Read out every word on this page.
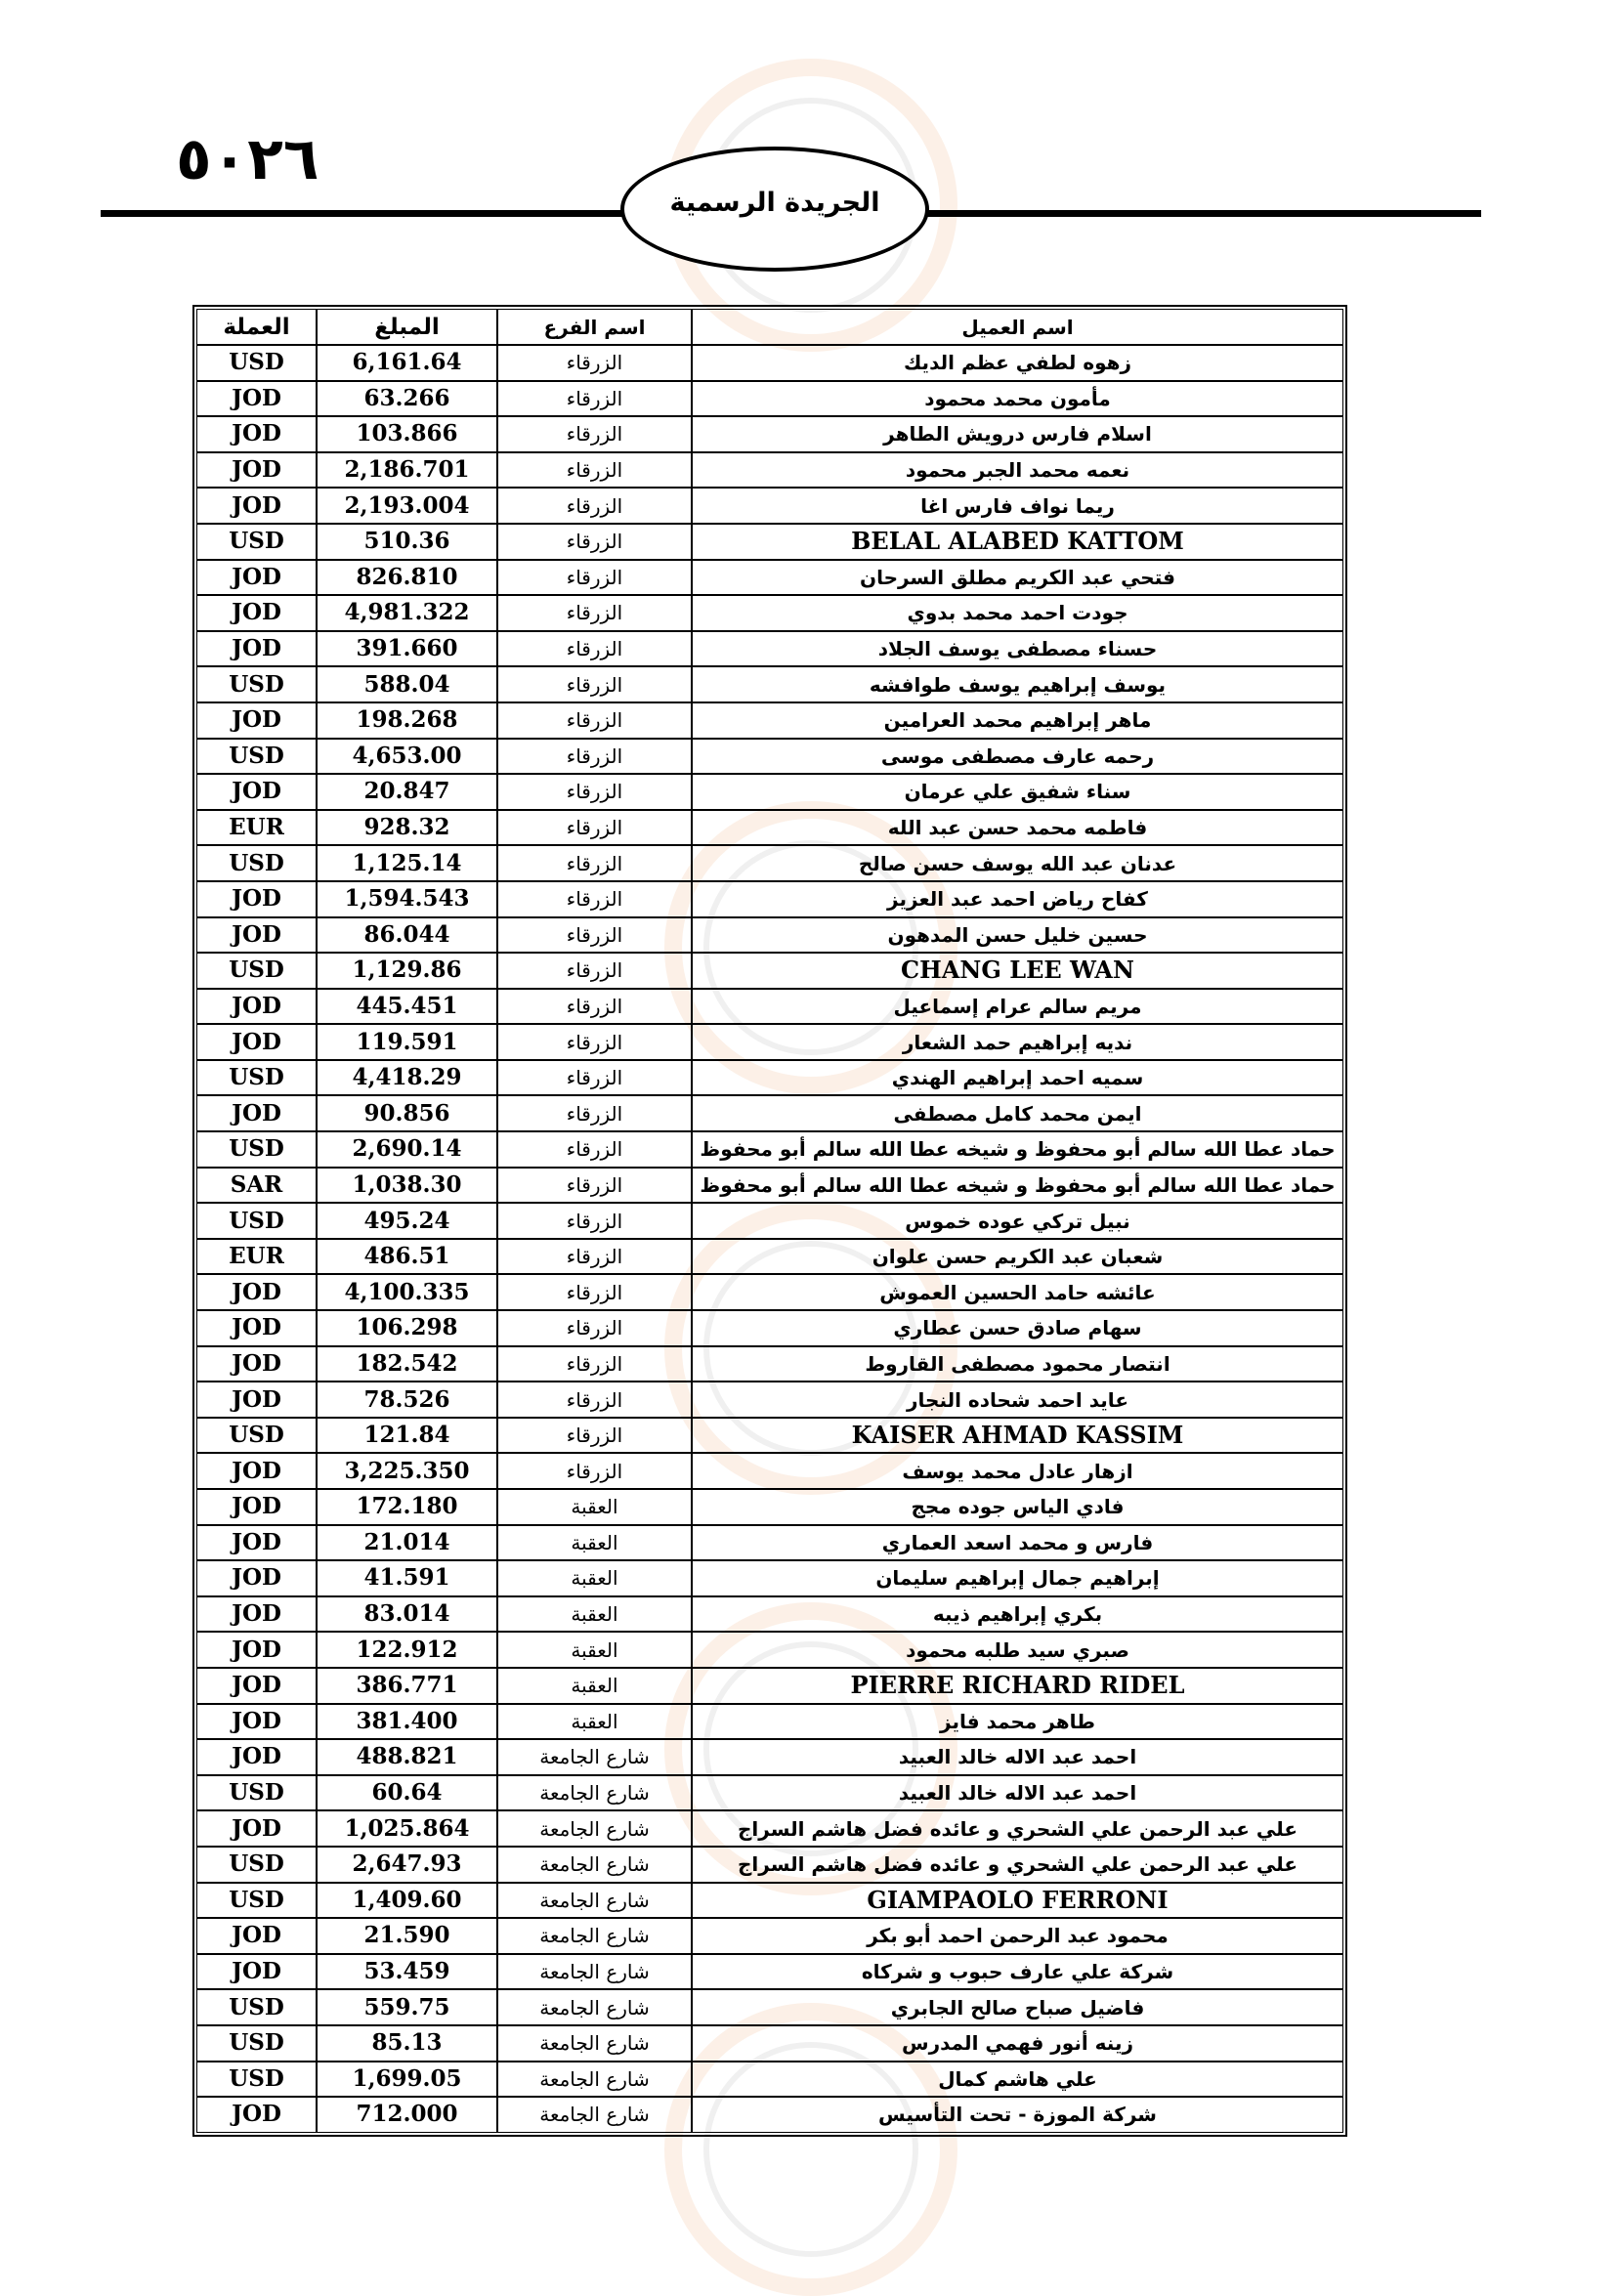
٥٠٢٦
الجريدة الرسمية
العملة	المبلغ	اسم الفرع	اسم العميل
USD	6,161.64	الزرقاء	زهوه لطفي عظم الديك
JOD	63.266	الزرقاء	مأمون محمد محمود
JOD	103.866	الزرقاء	اسلام فارس درويش الطاهر
JOD	2,186.701	الزرقاء	نعمه محمد الجبر محمود
JOD	2,193.004	الزرقاء	ريما نواف فارس اغا
USD	510.36	الزرقاء	BELAL ALABED KATTOM
JOD	826.810	الزرقاء	فتحي عبد الكريم مطلق السرحان
JOD	4,981.322	الزرقاء	جودت احمد محمد بدوي
JOD	391.660	الزرقاء	حسناء مصطفى يوسف الجلاد
USD	588.04	الزرقاء	يوسف إبراهيم يوسف طوافشه
JOD	198.268	الزرقاء	ماهر إبراهيم محمد العرامين
USD	4,653.00	الزرقاء	رحمه عارف مصطفى موسى
JOD	20.847	الزرقاء	سناء شفيق علي عرمان
EUR	928.32	الزرقاء	فاطمه محمد حسن عبد الله
USD	1,125.14	الزرقاء	عدنان عبد الله يوسف حسن صالح
JOD	1,594.543	الزرقاء	كفاح رياض احمد عبد العزيز
JOD	86.044	الزرقاء	حسين خليل حسن المدهون
USD	1,129.86	الزرقاء	CHANG LEE WAN
JOD	445.451	الزرقاء	مريم سالم عرام إسماعيل
JOD	119.591	الزرقاء	نديه إبراهيم حمد الشعار
USD	4,418.29	الزرقاء	سميه احمد إبراهيم الهندي
JOD	90.856	الزرقاء	ايمن محمد كامل مصطفى
USD	2,690.14	الزرقاء	حماد عطا الله سالم أبو محفوظ و شيخه عطا الله سالم أبو محفوظ
SAR	1,038.30	الزرقاء	حماد عطا الله سالم أبو محفوظ و شيخه عطا الله سالم أبو محفوظ
USD	495.24	الزرقاء	نبيل تركي عوده خموس
EUR	486.51	الزرقاء	شعبان عبد الكريم حسن علوان
JOD	4,100.335	الزرقاء	عائشه حامد الحسين العموش
JOD	106.298	الزرقاء	سهام صادق حسن عطاري
JOD	182.542	الزرقاء	انتصار محمود مصطفى القاروط
JOD	78.526	الزرقاء	عايد احمد شحاده النجار
USD	121.84	الزرقاء	KAISER AHMAD KASSIM
JOD	3,225.350	الزرقاء	ازهار عادل محمد يوسف
JOD	172.180	العقبة	فادي الياس جوده مجج
JOD	21.014	العقبة	فارس و محمد اسعد العماري
JOD	41.591	العقبة	إبراهيم جمال إبراهيم سليمان
JOD	83.014	العقبة	بكري إبراهيم ذيبه
JOD	122.912	العقبة	صبري سيد طلبه محمود
JOD	386.771	العقبة	PIERRE RICHARD RIDEL
JOD	381.400	العقبة	طاهر محمد فايز
JOD	488.821	شارع الجامعة	احمد عبد الاله خالد العبيد
USD	60.64	شارع الجامعة	احمد عبد الاله خالد العبيد
JOD	1,025.864	شارع الجامعة	علي عبد الرحمن علي الشحري و عائده فضل هاشم السراج
USD	2,647.93	شارع الجامعة	علي عبد الرحمن علي الشحري و عائده فضل هاشم السراج
USD	1,409.60	شارع الجامعة	GIAMPAOLO FERRONI
JOD	21.590	شارع الجامعة	محمود عبد الرحمن احمد أبو بكر
JOD	53.459	شارع الجامعة	شركة علي عارف حبوب و شركاه
USD	559.75	شارع الجامعة	فاضيل صباح صالح الجابري
USD	85.13	شارع الجامعة	زينه أنور فهمي المدرس
USD	1,699.05	شارع الجامعة	علي هاشم كمال
JOD	712.000	شارع الجامعة	شركة الموزة - تحت التأسيس
